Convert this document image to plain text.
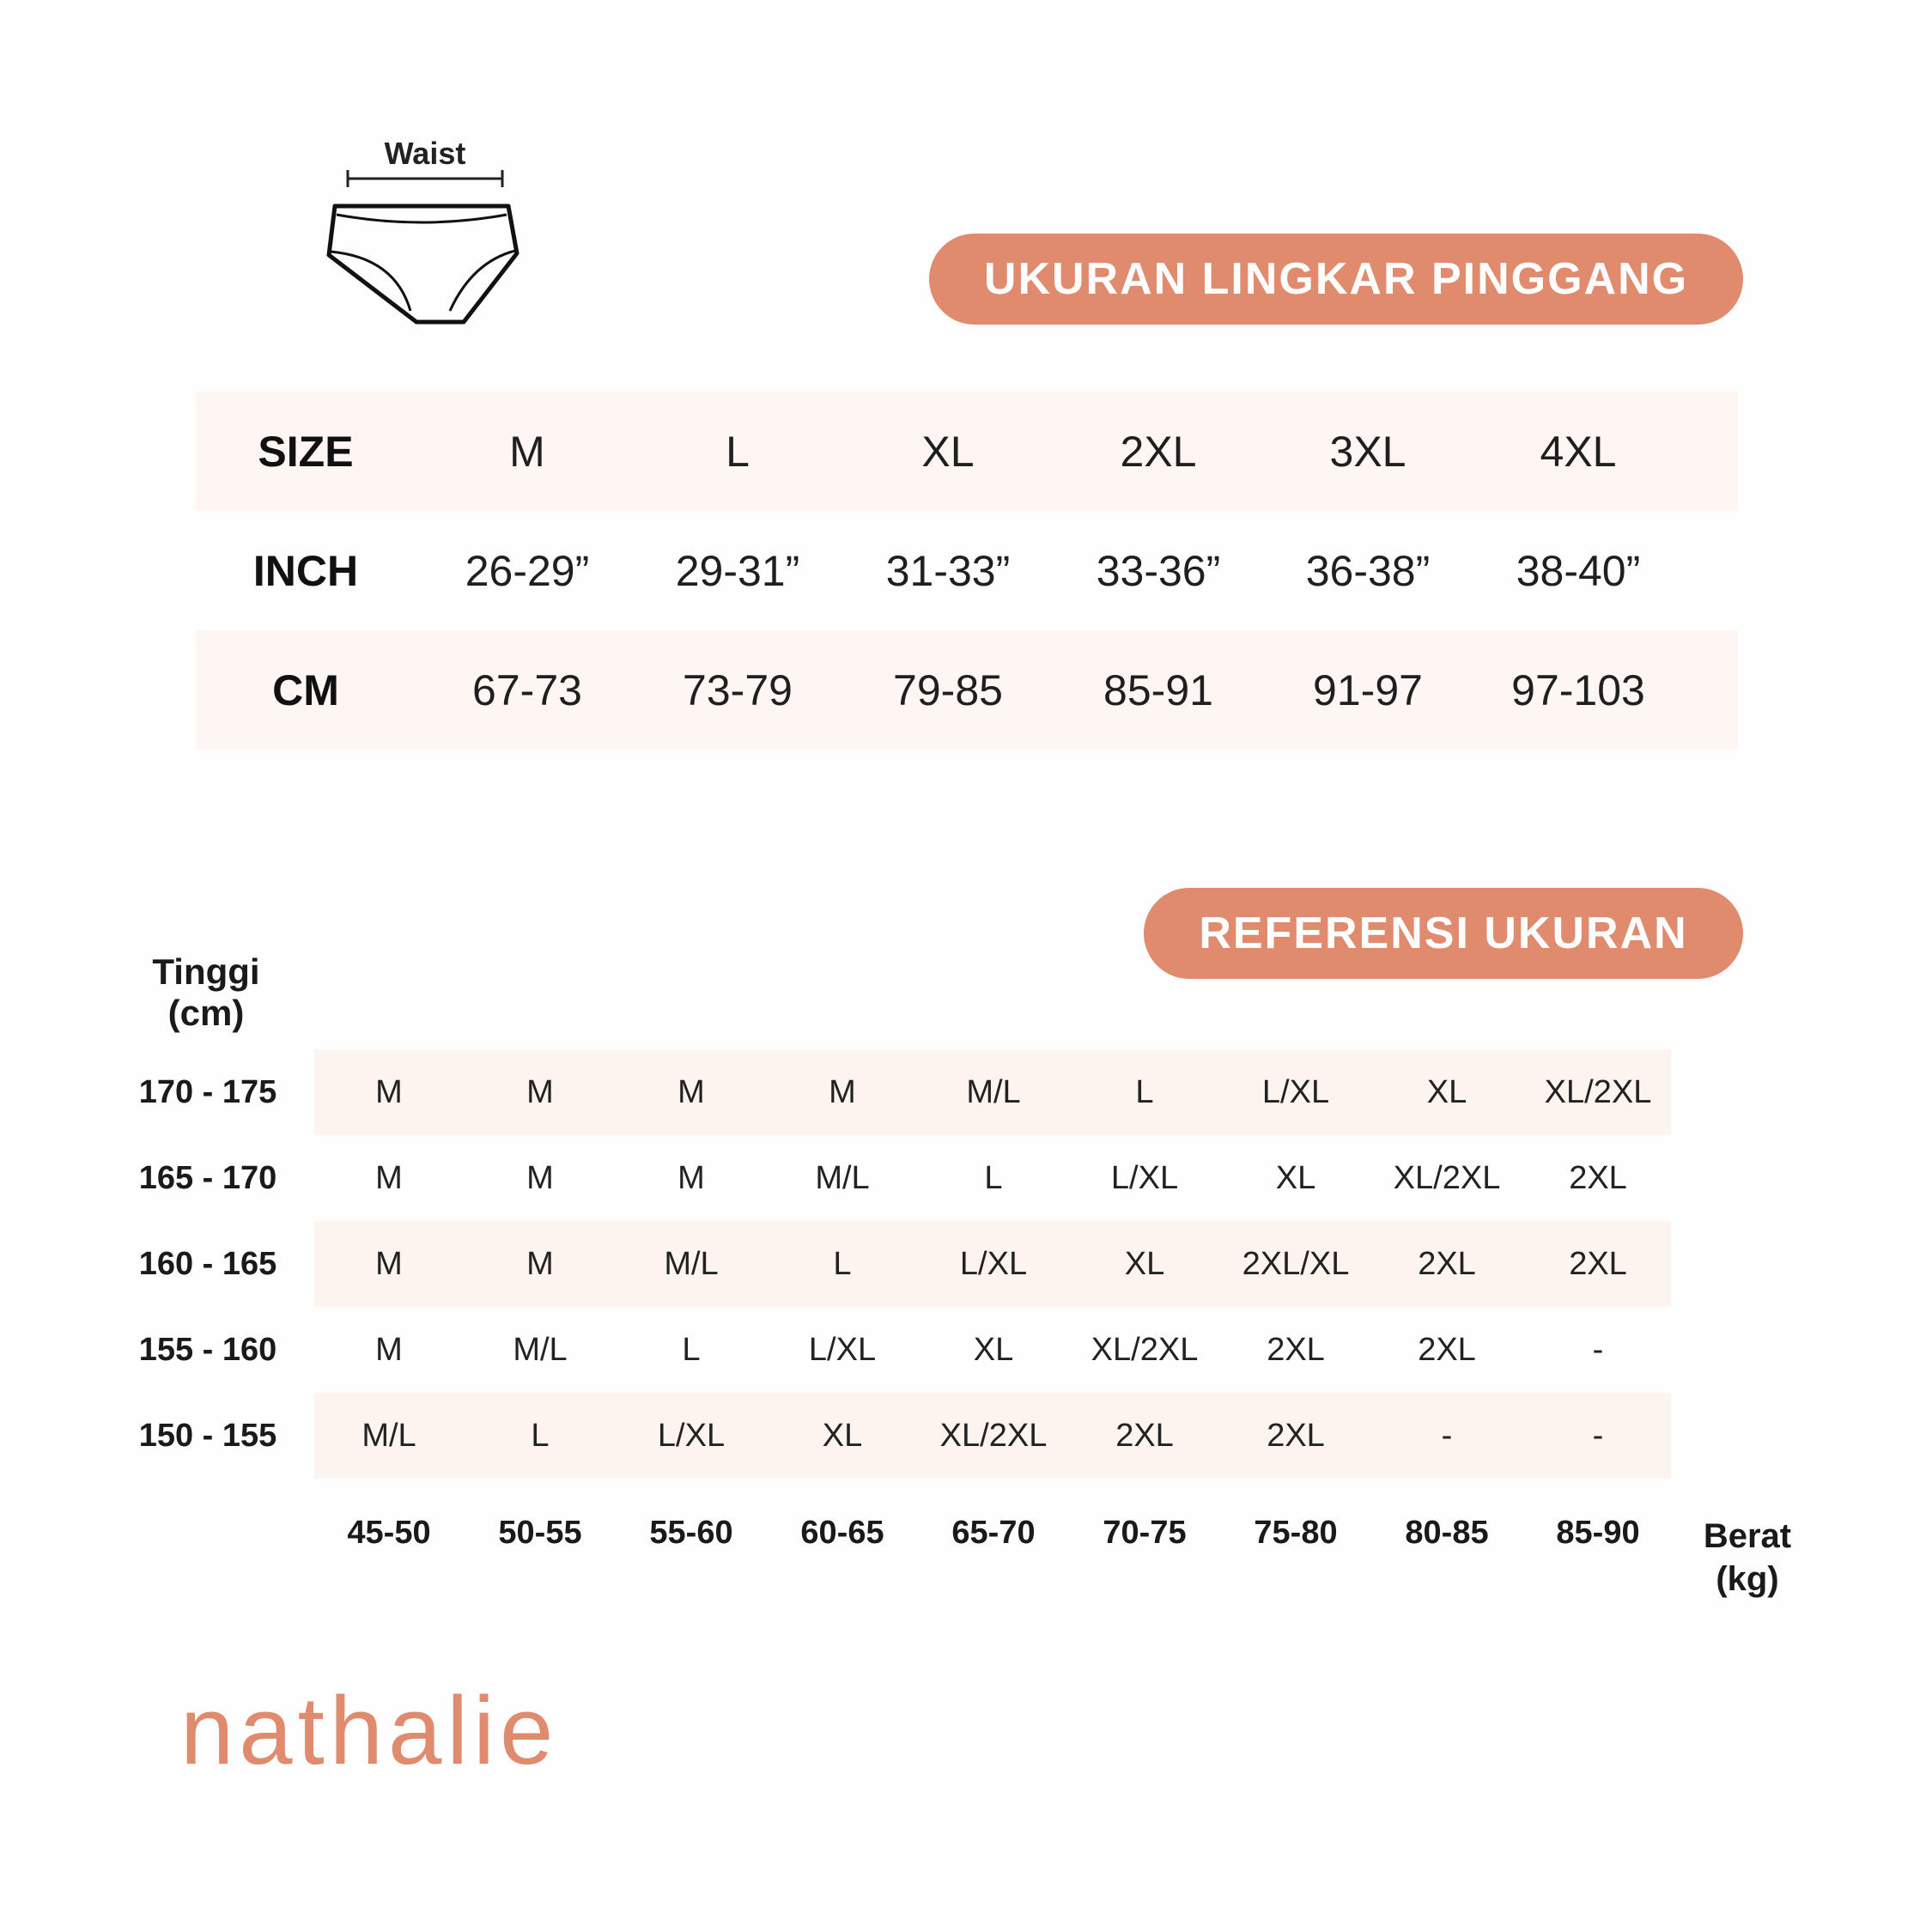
Waist
UKURAN LINGKAR PINGGANG
REFERENSI UKURAN
SIZE	M	L	XL	2XL	3XL	4XL
INCH	26-29”	29-31”	31-33”	33-36”	36-38”	38-40”
CM	67-73	73-79	79-85	85-91	91-97	97-103
Tinggi (cm)
170 - 175	M	M	M	M	M/L	L	L/XL	XL	XL/2XL
165 - 170	M	M	M	M/L	L	L/XL	XL	XL/2XL	2XL
160 - 165	M	M	M/L	L	L/XL	XL	2XL/XL	2XL	2XL
155 - 160	M	M/L	L	L/XL	XL	XL/2XL	2XL	2XL	-
150 - 155	M/L	L	L/XL	XL	XL/2XL	2XL	2XL	-	-
45-50	50-55	55-60	60-65	65-70	70-75	75-80	80-85	85-90	Berat (kg)
nathalie
